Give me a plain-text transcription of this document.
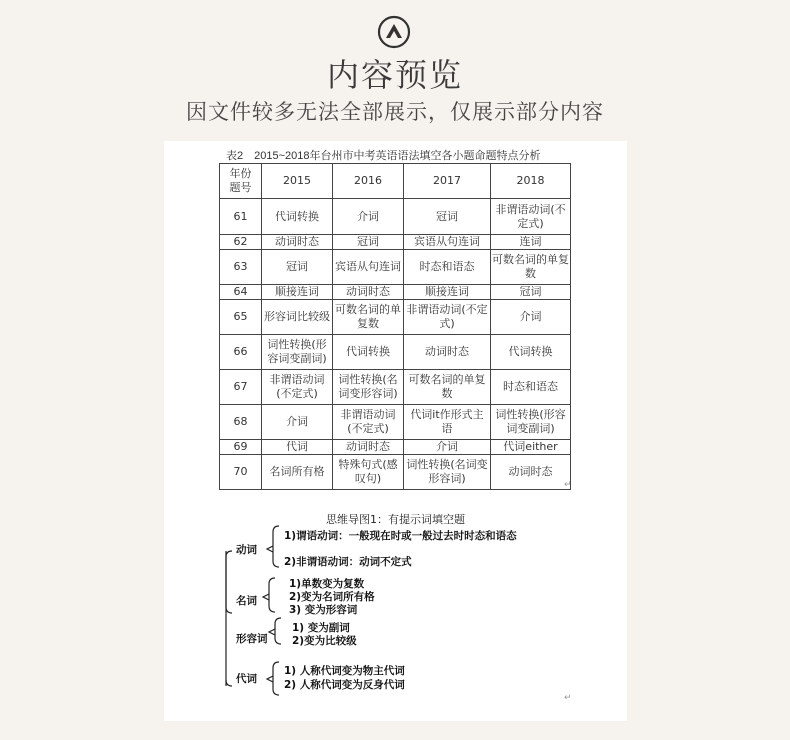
内容预览
因文件较多无法全部展示，仅展示部分内容
表2　2015~2018年台州市中考英语语法填空各小题命题特点分析
年份
题号	2015	2016	2017	2018
61	代词转换	介词	冠词	非谓语动词(不定式)
62	动词时态	冠词	宾语从句连词	连词
63	冠词	宾语从句连词	时态和语态	可数名词的单复数
64	顺接连词	动词时态	顺接连词	冠词
65	形容词比较级	可数名词的单复数	非谓语动词(不定式)	介词
66	词性转换(形容词变副词)	代词转换	动词时态	代词转换
67	非谓语动词(不定式)	词性转换(名词变形容词)	可数名词的单复数	时态和语态
68	介词	非谓语动词(不定式)	代词it作形式主语	词性转换(形容词变副词)
69	代词	动词时态	介词	代词either
70	名词所有格	特殊句式(感叹句)	词性转换(名词变形容词)	动词时态
↵
思维导图1：有提示词填空题
动词
1)谓语动词：一般现在时或一般过去时时态和语态
2)非谓语动词：动词不定式
名词
1)单数变为复数
2)变为名词所有格
3) 变为形容词
形容词
1) 变为副词
2)变为比较级
代词
1) 人称代词变为物主代词
2) 人称代词变为反身代词
↵
